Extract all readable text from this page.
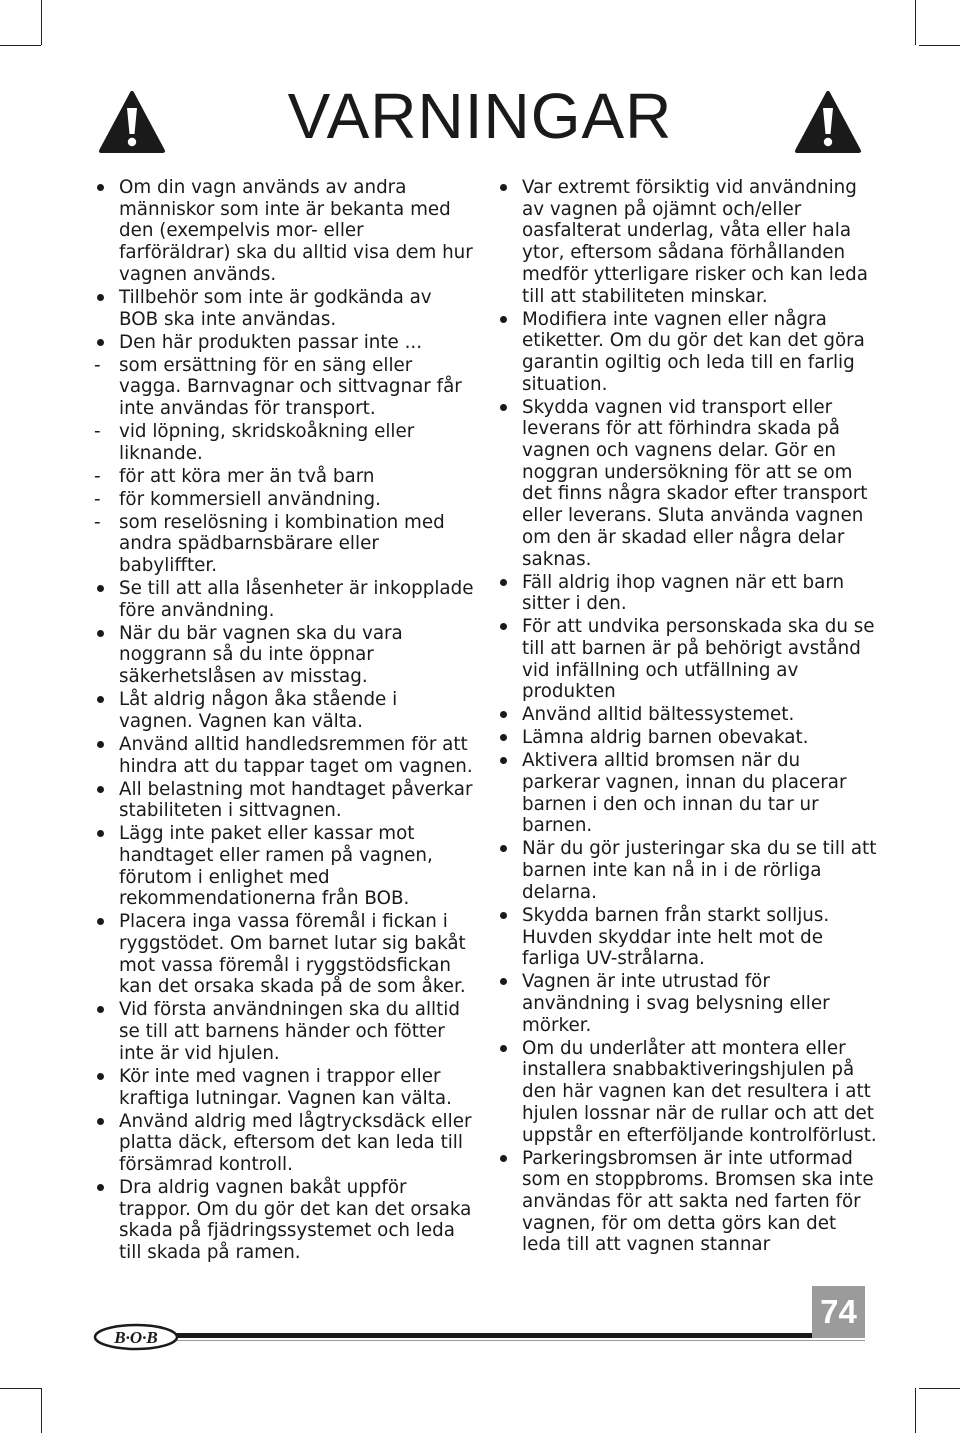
VARNINGAR
Om din vagn används av andra människor som inte är bekanta med den (exempelvis mor- eller farföräldrar) ska du alltid visa dem hur vagnen används.
Tillbehör som inte är godkända av BOB ska inte användas.
Den här produkten passar inte ...
som ersättning för en säng eller vagga. Barnvagnar och sittvagnar får inte användas för transport.
vid löpning, skridskoåkning eller liknande.
för att köra mer än två barn
för kommersiell användning.
som reselösning i kombination med andra spädbarnsbärare eller babyliffter.
Se till att alla låsenheter är inkopplade före användning.
När du bär vagnen ska du vara noggrann så du inte öppnar säkerhetslåsen av misstag.
Låt aldrig någon åka stående i vagnen. Vagnen kan välta.
Använd alltid handledsremmen för att hindra att du tappar taget om vagnen.
All belastning mot handtaget påverkar stabiliteten i sittvagnen.
Lägg inte paket eller kassar mot handtaget eller ramen på vagnen, förutom i enlighet med rekommendationerna från BOB.
Placera inga vassa föremål i fickan i ryggstödet. Om barnet lutar sig bakåt mot vassa föremål i ryggstödsfickan kan det orsaka skada på de som åker.
Vid första användningen ska du alltid se till att barnens händer och fötter inte är vid hjulen.
Kör inte med vagnen i trappor eller kraftiga lutningar. Vagnen kan välta.
Använd aldrig med lågtrycksdäck eller platta däck, eftersom det kan leda till försämrad kontroll.
Dra aldrig vagnen bakåt uppför trappor. Om du gör det kan det orsaka skada på fjädringssystemet och leda till skada på ramen.
Var extremt försiktig vid användning av vagnen på ojämnt och/eller oasfalterat underlag, våta eller hala ytor, eftersom sådana förhållanden medför ytterligare risker och kan leda till att stabiliteten minskar.
Modifiera inte vagnen eller några etiketter. Om du gör det kan det göra garantin ogiltig och leda till en farlig situation.
Skydda vagnen vid transport eller leverans för att förhindra skada på vagnen och vagnens delar. Gör en noggran undersökning för att se om det finns några skador efter transport eller leverans. Sluta använda vagnen om den är skadad eller några delar saknas.
Fäll aldrig ihop vagnen när ett barn sitter i den.
För att undvika personskada ska du se till att barnen är på behörigt avstånd vid infällning och utfällning av produkten
Använd alltid bältessystemet.
Lämna aldrig barnen obevakat.
Aktivera alltid bromsen när du parkerar vagnen, innan du placerar barnen i den och innan du tar ur barnen.
När du gör justeringar ska du se till att barnen inte kan nå in i de rörliga delarna.
Skydda barnen från starkt solljus. Huvden skyddar inte helt mot de farliga UV-strålarna.
Vagnen är inte utrustad för användning i svag belysning eller mörker.
Om du underlåter att montera eller installera snabbaktiveringshjulen på den här vagnen kan det resultera i att hjulen lossnar när de rullar och att det uppstår en efterföljande kontrolförlust.
Parkeringsbromsen är inte utformad som en stoppbroms. Bromsen ska inte användas för att sakta ned farten för vagnen, för om detta görs kan det leda till att vagnen stannar
B·O·B
74
